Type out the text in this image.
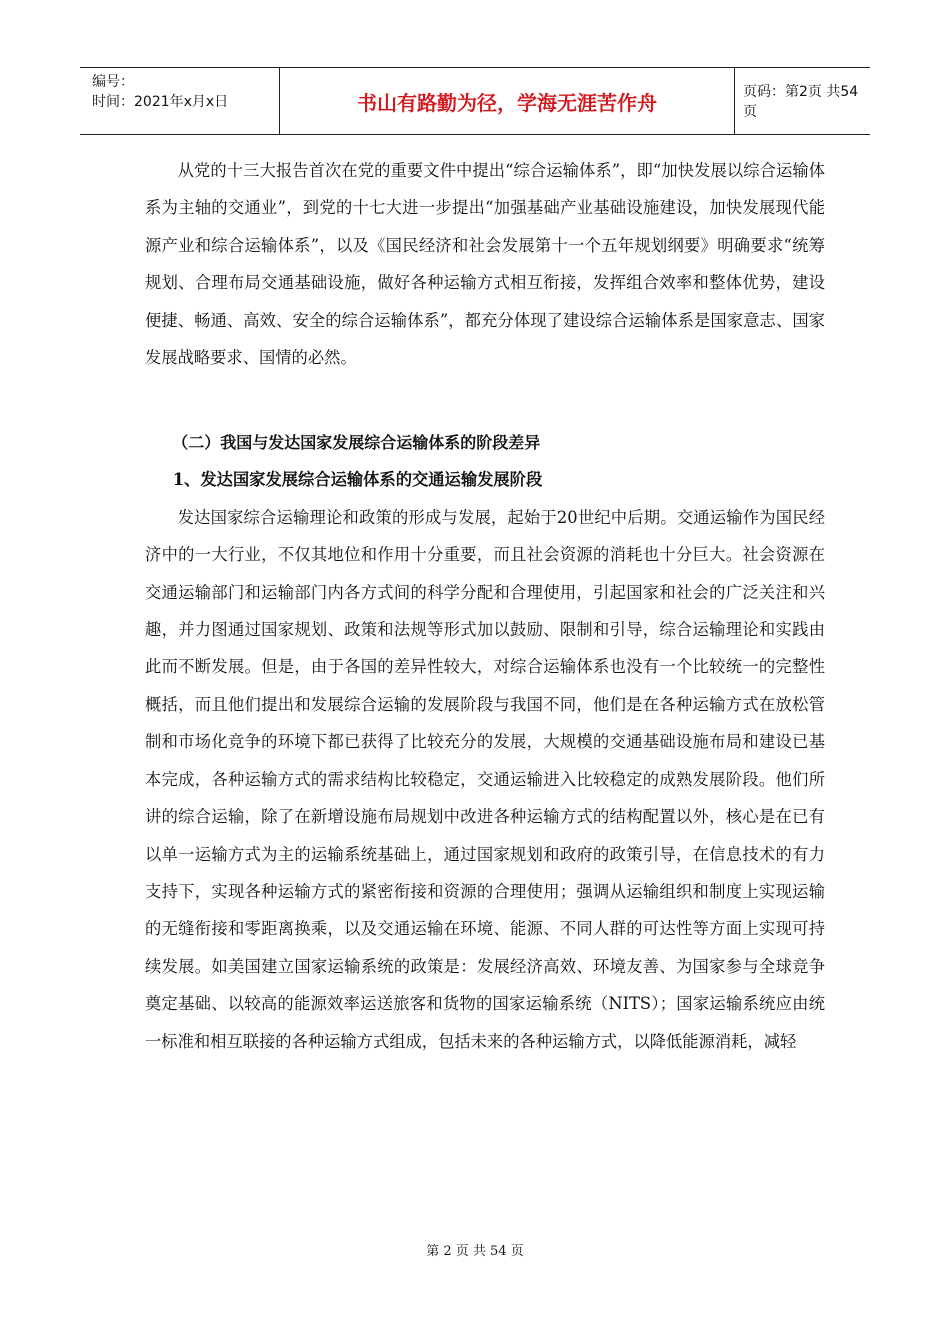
编号：
时间：2021年x月x日	书山有路勤为径，学海无涯苦作舟	页码：第2页 共54页

从党的十三大报告首次在党的重要文件中提出“综合运输体系”，即“加快发展以综合运输体系为主轴的交通业”，到党的十七大进一步提出“加强基础产业基础设施建设，加快发展现代能源产业和综合运输体系”，以及《国民经济和社会发展第十一个五年规划纲要》明确要求“统筹规划、合理布局交通基础设施，做好各种运输方式相互衔接，发挥组合效率和整体优势，建设便捷、畅通、高效、安全的综合运输体系”，都充分体现了建设综合运输体系是国家意志、国家发展战略要求、国情的必然。

（二）我国与发达国家发展综合运输体系的阶段差异

1、发达国家发展综合运输体系的交通运输发展阶段

发达国家综合运输理论和政策的形成与发展，起始于20世纪中后期。交通运输作为国民经济中的一大行业，不仅其地位和作用十分重要，而且社会资源的消耗也十分巨大。社会资源在交通运输部门和运输部门内各方式间的科学分配和合理使用，引起国家和社会的广泛关注和兴趣，并力图通过国家规划、政策和法规等形式加以鼓励、限制和引导，综合运输理论和实践由此而不断发展。但是，由于各国的差异性较大，对综合运输体系也没有一个比较统一的完整性概括，而且他们提出和发展综合运输的发展阶段与我国不同，他们是在各种运输方式在放松管制和市场化竞争的环境下都已获得了比较充分的发展，大规模的交通基础设施布局和建设已基本完成，各种运输方式的需求结构比较稳定，交通运输进入比较稳定的成熟发展阶段。他们所讲的综合运输，除了在新增设施布局规划中改进各种运输方式的结构配置以外，核心是在已有以单一运输方式为主的运输系统基础上，通过国家规划和政府的政策引导，在信息技术的有力支持下，实现各种运输方式的紧密衔接和资源的合理使用；强调从运输组织和制度上实现运输的无缝衔接和零距离换乘，以及交通运输在环境、能源、不同人群的可达性等方面上实现可持续发展。如美国建立国家运输系统的政策是：发展经济高效、环境友善、为国家参与全球竞争奠定基础、以较高的能源效率运送旅客和货物的国家运输系统（NITS）；国家运输系统应由统一标准和相互联接的各种运输方式组成，包括未来的各种运输方式，以降低能源消耗，减轻

第 2 页 共 54 页
